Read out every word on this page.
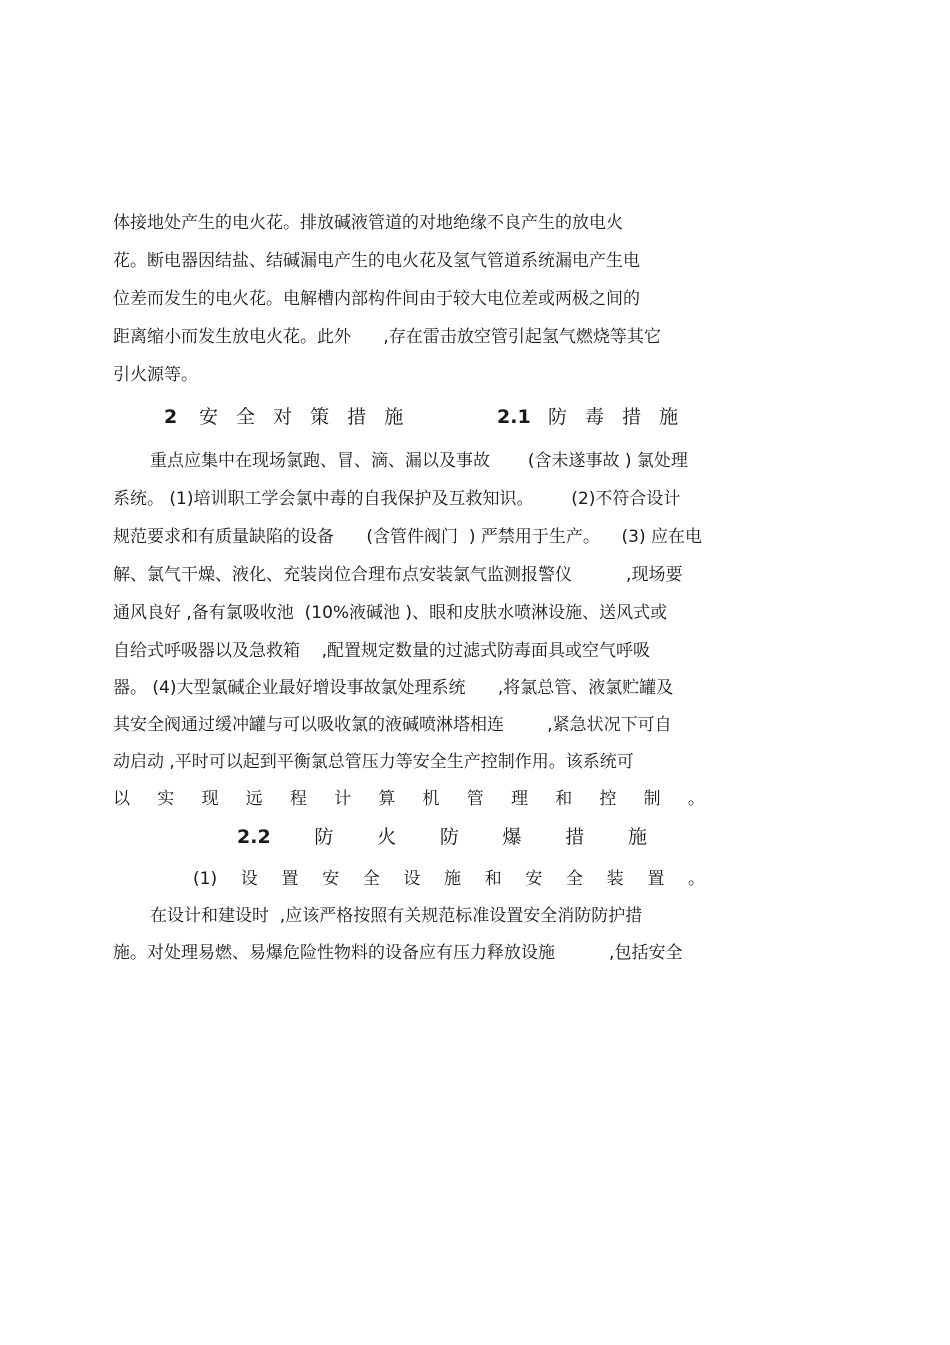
体接地处产生的电火花。排放碱液管道的对地绝缘不良产生的放电火
花。断电器因结盐、结碱漏电产生的电火花及氢气管道系统漏电产生电
位差而发生的电火花。电解槽内部构件间由于较大电位差或两极之间的
距离缩小而发生放电火花。此外      ,存在雷击放空管引起氢气燃烧等其它
引火源等。
2 安 全 对 策 措 施	2.1 防 毒 措 施
重点应集中在现场氯跑、冒、滴、漏以及事故       (含未遂事故 ) 氯处理
系统。 (1)培训职工学会氯中毒的自我保护及互救知识。       (2)不符合设计
规范要求和有质量缺陷的设备      (含管件阀门  ) 严禁用于生产。    (3) 应在电
解、氯气干燥、液化、充装岗位合理布点安装氯气监测报警仪          ,现场要
通风良好 ,备有氯吸收池  (10%液碱池 )、眼和皮肤水喷淋设施、送风式或
自给式呼吸器以及急救箱    ,配置规定数量的过滤式防毒面具或空气呼吸
器。 (4)大型氯碱企业最好增设事故氯处理系统      ,将氯总管、液氯贮罐及
其安全阀通过缓冲罐与可以吸收氯的液碱喷淋塔相连        ,紧急状况下可自
动启动 ,平时可以起到平衡氯总管压力等安全生产控制作用。该系统可
以 实 现 远 程 计 算 机 管 理 和 控 制 。
2.2 防 火 防 爆 措 施
(1) 设 置 安 全 设 施 和 安 全 装 置 。
在设计和建设时  ,应该严格按照有关规范标准设置安全消防防护措
施。对处理易燃、易爆危险性物料的设备应有压力释放设施          ,包括安全
